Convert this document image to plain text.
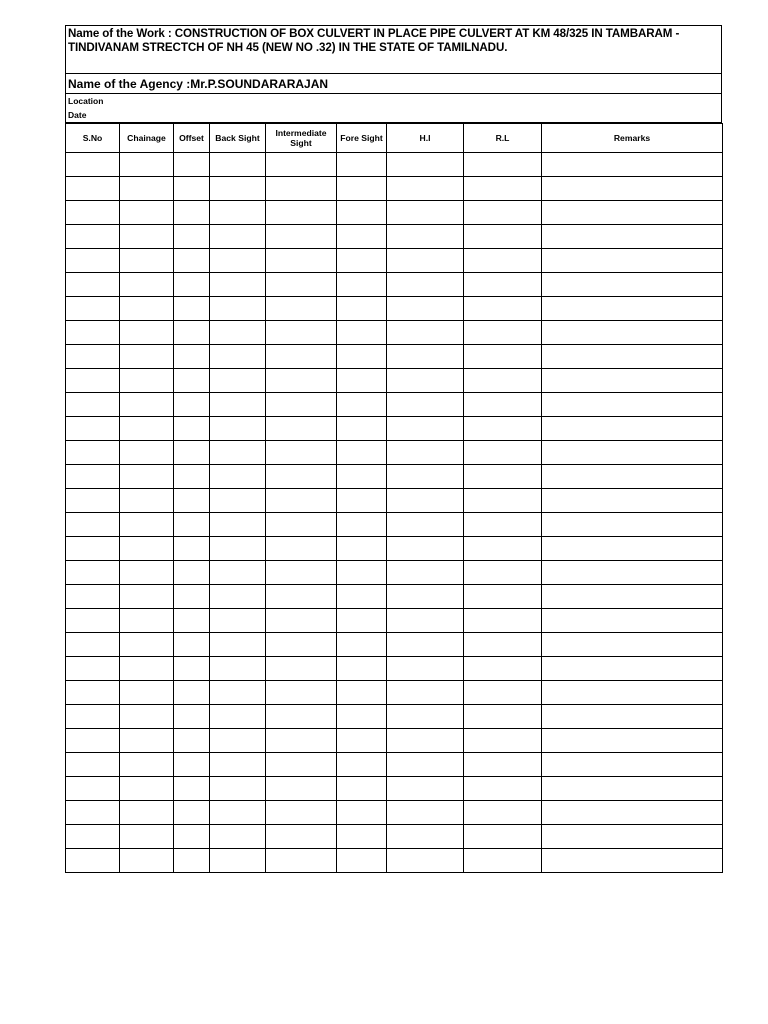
Name of the Work : CONSTRUCTION OF BOX CULVERT IN PLACE PIPE CULVERT AT KM 48/325 IN TAMBARAM - TINDIVANAM STRECTCH OF NH 45 (NEW NO .32) IN THE STATE OF TAMILNADU.
Name of the Agency :Mr.P.SOUNDARARAJAN
Location
Date
S.No	Chainage	Offset	Back Sight	Intermediate Sight	Fore Sight	H.I	R.L	Remarks
